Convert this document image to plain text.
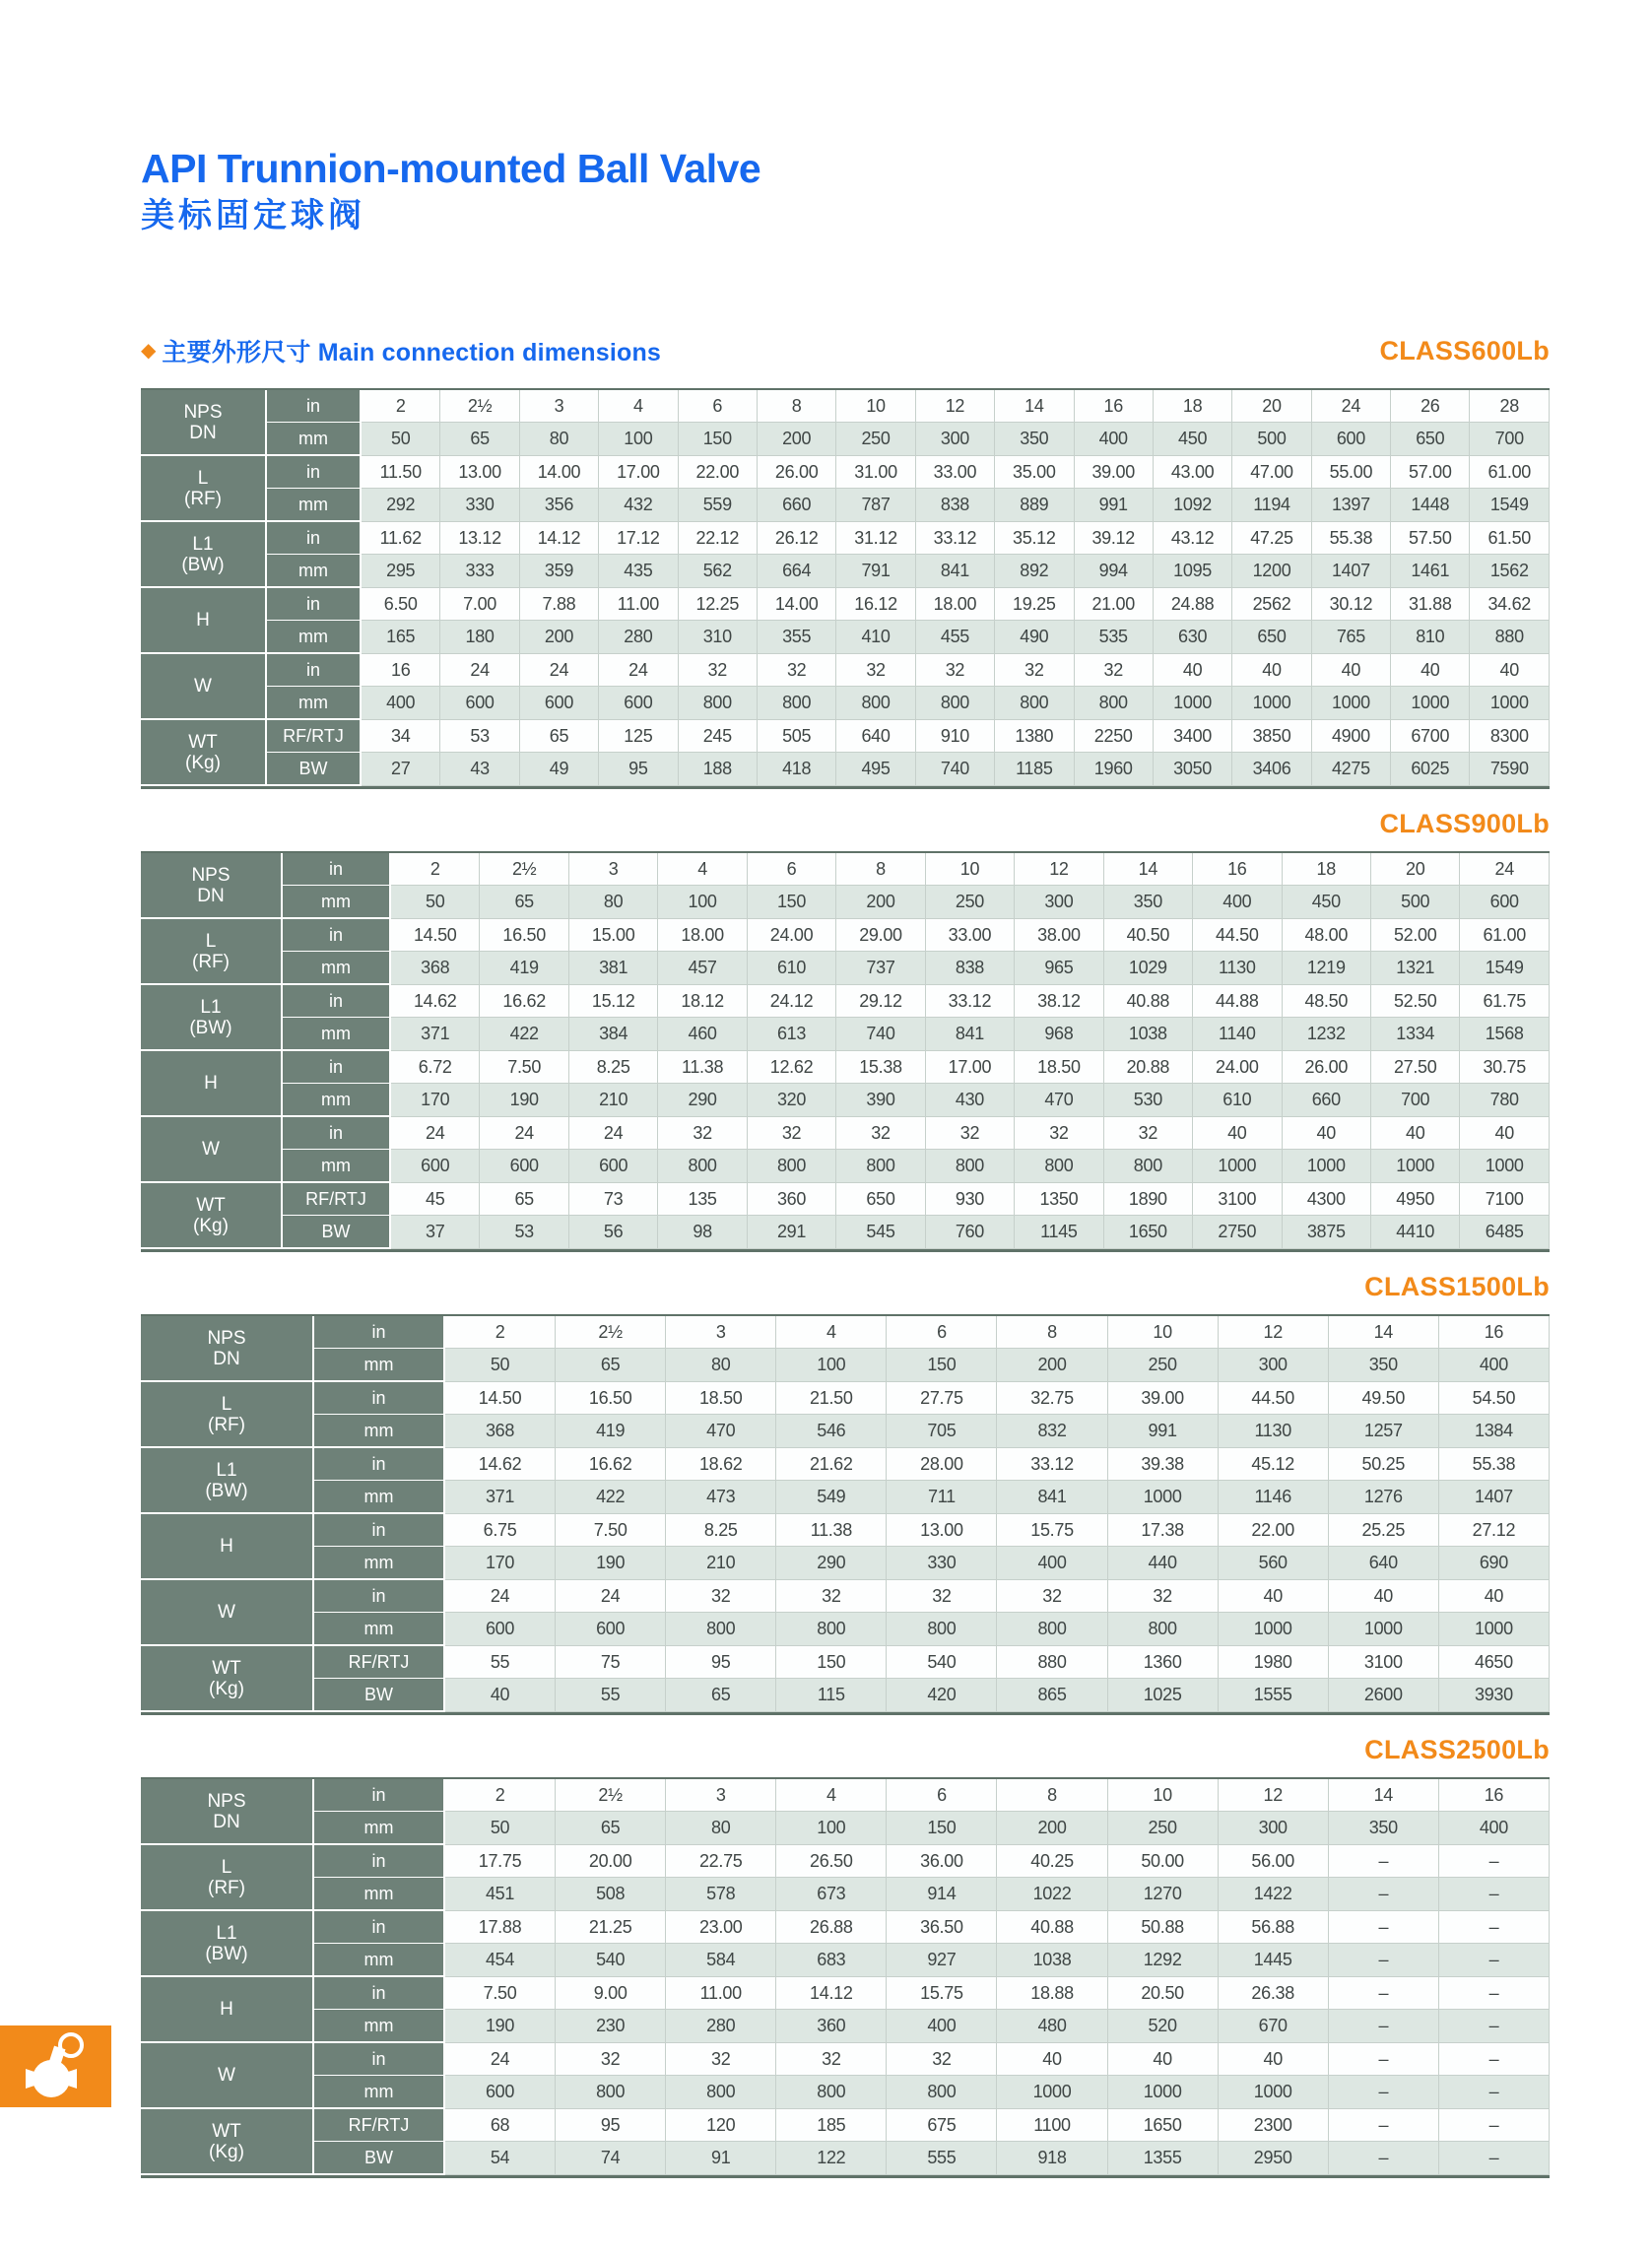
API Trunnion-mounted Ball Valve
美标固定球阀
◆ 主要外形尺寸 Main connection dimensions	CLASS600Lb
NPS
DN	in	2	2½	3	4	6	8	10	12	14	16	18	20	24	26	28
	mm	50	65	80	100	150	200	250	300	350	400	450	500	600	650	700

L
(RF)	in	11.50	13.00	14.00	17.00	22.00	26.00	31.00	33.00	35.00	39.00	43.00	47.00	55.00	57.00	61.00
	mm	292	330	356	432	559	660	787	838	889	991	1092	1194	1397	1448	1549

L1
(BW)	in	11.62	13.12	14.12	17.12	22.12	26.12	31.12	33.12	35.12	39.12	43.12	47.25	55.38	57.50	61.50
	mm	295	333	359	435	562	664	791	841	892	994	1095	1200	1407	1461	1562

H	in	6.50	7.00	7.88	11.00	12.25	14.00	16.12	18.00	19.25	21.00	24.88	2562	30.12	31.88	34.62
	mm	165	180	200	280	310	355	410	455	490	535	630	650	765	810	880

W	in	16	24	24	24	32	32	32	32	32	32	40	40	40	40	40
	mm	400	600	600	600	800	800	800	800	800	800	1000	1000	1000	1000	1000

WT
(Kg)	RF/RTJ	34	53	65	125	245	505	640	910	1380	2250	3400	3850	4900	6700	8300
	BW	27	43	49	95	188	418	495	740	1185	1960	3050	3406	4275	6025	7590
CLASS900Lb
NPS
DN	in	2	2½	3	4	6	8	10	12	14	16	18	20	24
	mm	50	65	80	100	150	200	250	300	350	400	450	500	600

L
(RF)	in	14.50	16.50	15.00	18.00	24.00	29.00	33.00	38.00	40.50	44.50	48.00	52.00	61.00
	mm	368	419	381	457	610	737	838	965	1029	1130	1219	1321	1549

L1
(BW)	in	14.62	16.62	15.12	18.12	24.12	29.12	33.12	38.12	40.88	44.88	48.50	52.50	61.75
	mm	371	422	384	460	613	740	841	968	1038	1140	1232	1334	1568

H	in	6.72	7.50	8.25	11.38	12.62	15.38	17.00	18.50	20.88	24.00	26.00	27.50	30.75
	mm	170	190	210	290	320	390	430	470	530	610	660	700	780

W	in	24	24	24	32	32	32	32	32	32	40	40	40	40
	mm	600	600	600	800	800	800	800	800	800	1000	1000	1000	1000

WT
(Kg)	RF/RTJ	45	65	73	135	360	650	930	1350	1890	3100	4300	4950	7100
	BW	37	53	56	98	291	545	760	1145	1650	2750	3875	4410	6485
CLASS1500Lb
NPS
DN	in	2	2½	3	4	6	8	10	12	14	16
	mm	50	65	80	100	150	200	250	300	350	400

L
(RF)	in	14.50	16.50	18.50	21.50	27.75	32.75	39.00	44.50	49.50	54.50
	mm	368	419	470	546	705	832	991	1130	1257	1384

L1
(BW)	in	14.62	16.62	18.62	21.62	28.00	33.12	39.38	45.12	50.25	55.38
	mm	371	422	473	549	711	841	1000	1146	1276	1407

H	in	6.75	7.50	8.25	11.38	13.00	15.75	17.38	22.00	25.25	27.12
	mm	170	190	210	290	330	400	440	560	640	690

W	in	24	24	32	32	32	32	32	40	40	40
	mm	600	600	800	800	800	800	800	1000	1000	1000

WT
(Kg)	RF/RTJ	55	75	95	150	540	880	1360	1980	3100	4650
	BW	40	55	65	115	420	865	1025	1555	2600	3930
CLASS2500Lb
NPS
DN	in	2	2½	3	4	6	8	10	12	14	16
	mm	50	65	80	100	150	200	250	300	350	400

L
(RF)	in	17.75	20.00	22.75	26.50	36.00	40.25	50.00	56.00	–	–
	mm	451	508	578	673	914	1022	1270	1422	–	–

L1
(BW)	in	17.88	21.25	23.00	26.88	36.50	40.88	50.88	56.88	–	–
	mm	454	540	584	683	927	1038	1292	1445	–	–

H	in	7.50	9.00	11.00	14.12	15.75	18.88	20.50	26.38	–	–
	mm	190	230	280	360	400	480	520	670	–	–

W	in	24	32	32	32	32	40	40	40	–	–
	mm	600	800	800	800	800	1000	1000	1000	–	–

WT
(Kg)	RF/RTJ	68	95	120	185	675	1100	1650	2300	–	–
	BW	54	74	91	122	555	918	1355	2950	–	–
